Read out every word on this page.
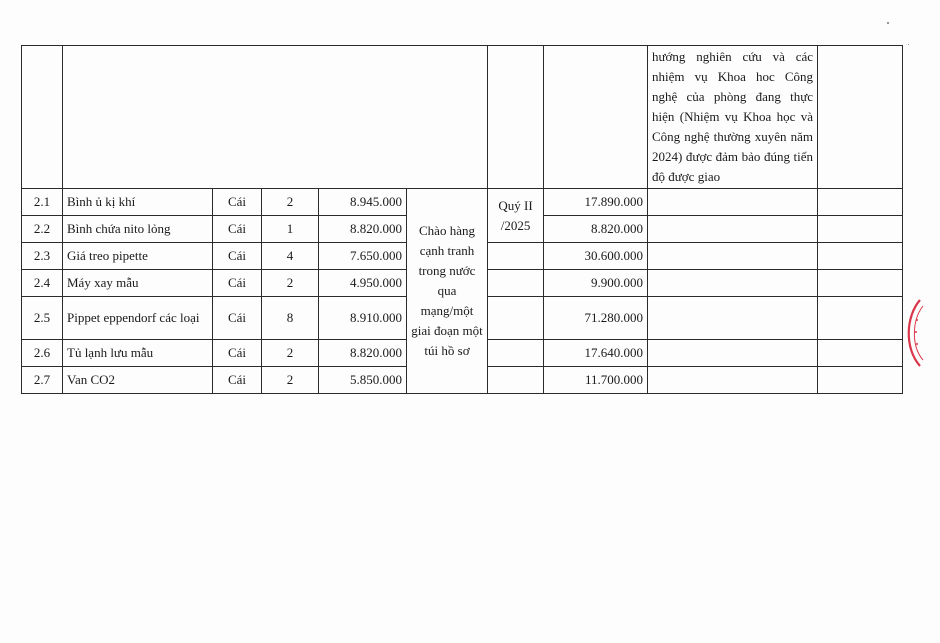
								hướng nghiên cứu và các nhiệm vụ Khoa hoc Công nghệ của phòng đang thực hiện (Nhiệm vụ Khoa học và Công nghệ thường xuyên năm 2024) được đảm bảo đúng tiến độ được giao	
2.1	Bình ủ kị khí	Cái	2	8.945.000	Chào hàng cạnh tranh trong nước qua mạng/một giai đoạn một túi hồ sơ	Quý II /2025	17.890.000		
2.2	Bình chứa nito lỏng	Cái	1	8.820.000			8.820.000		
2.3	Giá treo pipette	Cái	4	7.650.000			30.600.000		
2.4	Máy xay mẫu	Cái	2	4.950.000			9.900.000		
2.5	Pippet eppendorf các loại	Cái	8	8.910.000			71.280.000		
2.6	Tủ lạnh lưu mẫu	Cái	2	8.820.000			17.640.000		
2.7	Van CO2	Cái	2	5.850.000			11.700.000		
